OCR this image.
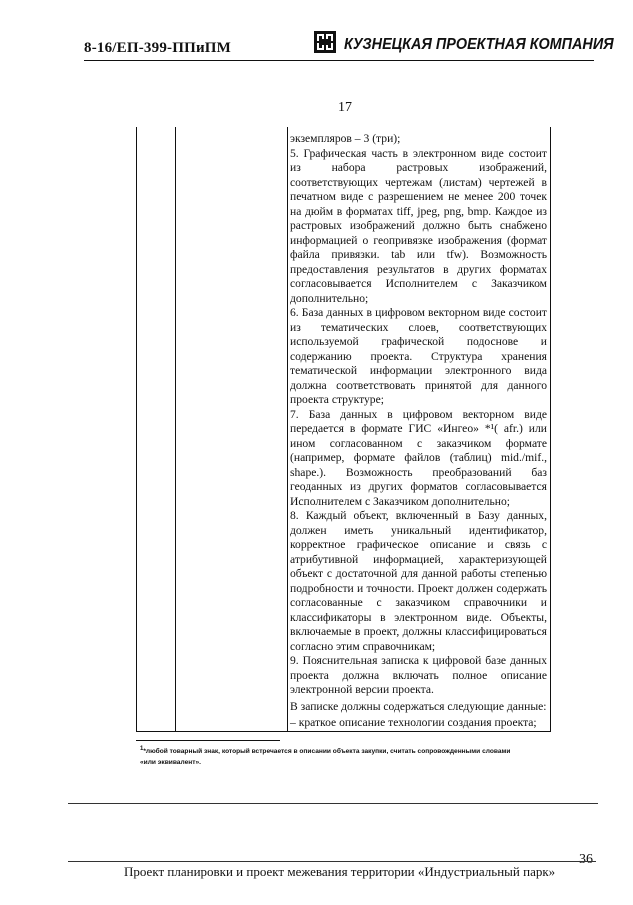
8-16/ЕП-399-ППиПМ	КУЗНЕЦКАЯ ПРОЕКТНАЯ КОМПАНИЯ
17

экземпляров – 3 (три);

5. Графическая часть в электронном виде состоит из набора растровых изображений, соответствующих чертежам (листам) чертежей в печатном виде с разрешением не менее 200 точек на дюйм в форматах tiff, jpeg, png, bmp. Каждое из растровых изображений должно быть снабжено информацией о геопривязке изображения (формат файла привязки. tab или tfw). Возможность предоставления результатов в других форматах согласовывается Исполнителем с Заказчиком дополнительно;

6. База данных в цифровом векторном виде состоит из тематических слоев, соответствующих используемой графической подоснове и содержанию проекта. Структура хранения тематической информации электронного вида должна соответствовать принятой для данного проекта структуре;

7. База данных в цифровом векторном виде передается в формате ГИС «Ингео» *¹( afr.) или ином согласованном с заказчиком формате (например, формате файлов (таблиц) mid./mif., shape.). Возможность преобразований баз геоданных из других форматов согласовывается Исполнителем с Заказчиком дополнительно;

8. Каждый объект, включенный в Базу данных, должен иметь уникальный идентификатор, корректное графическое описание и связь с атрибутивной информацией, характеризующей объект с достаточной для данной работы степенью подробности и точности. Проект должен содержать согласованные с заказчиком справочники и классификаторы в электронном виде. Объекты, включаемые в проект, должны классифицироваться согласно этим справочникам;

9. Пояснительная записка к цифровой базе данных проекта должна включать полное описание электронной версии проекта.

В записке должны содержаться следующие данные:

– краткое описание технологии создания проекта;

$^1$*любой товарный знак, который встречается в описании объекта закупки, считать сопровожденными словами «или эквивалент».
36
Проект планировки и проект межевания территории «Индустриальный парк»
